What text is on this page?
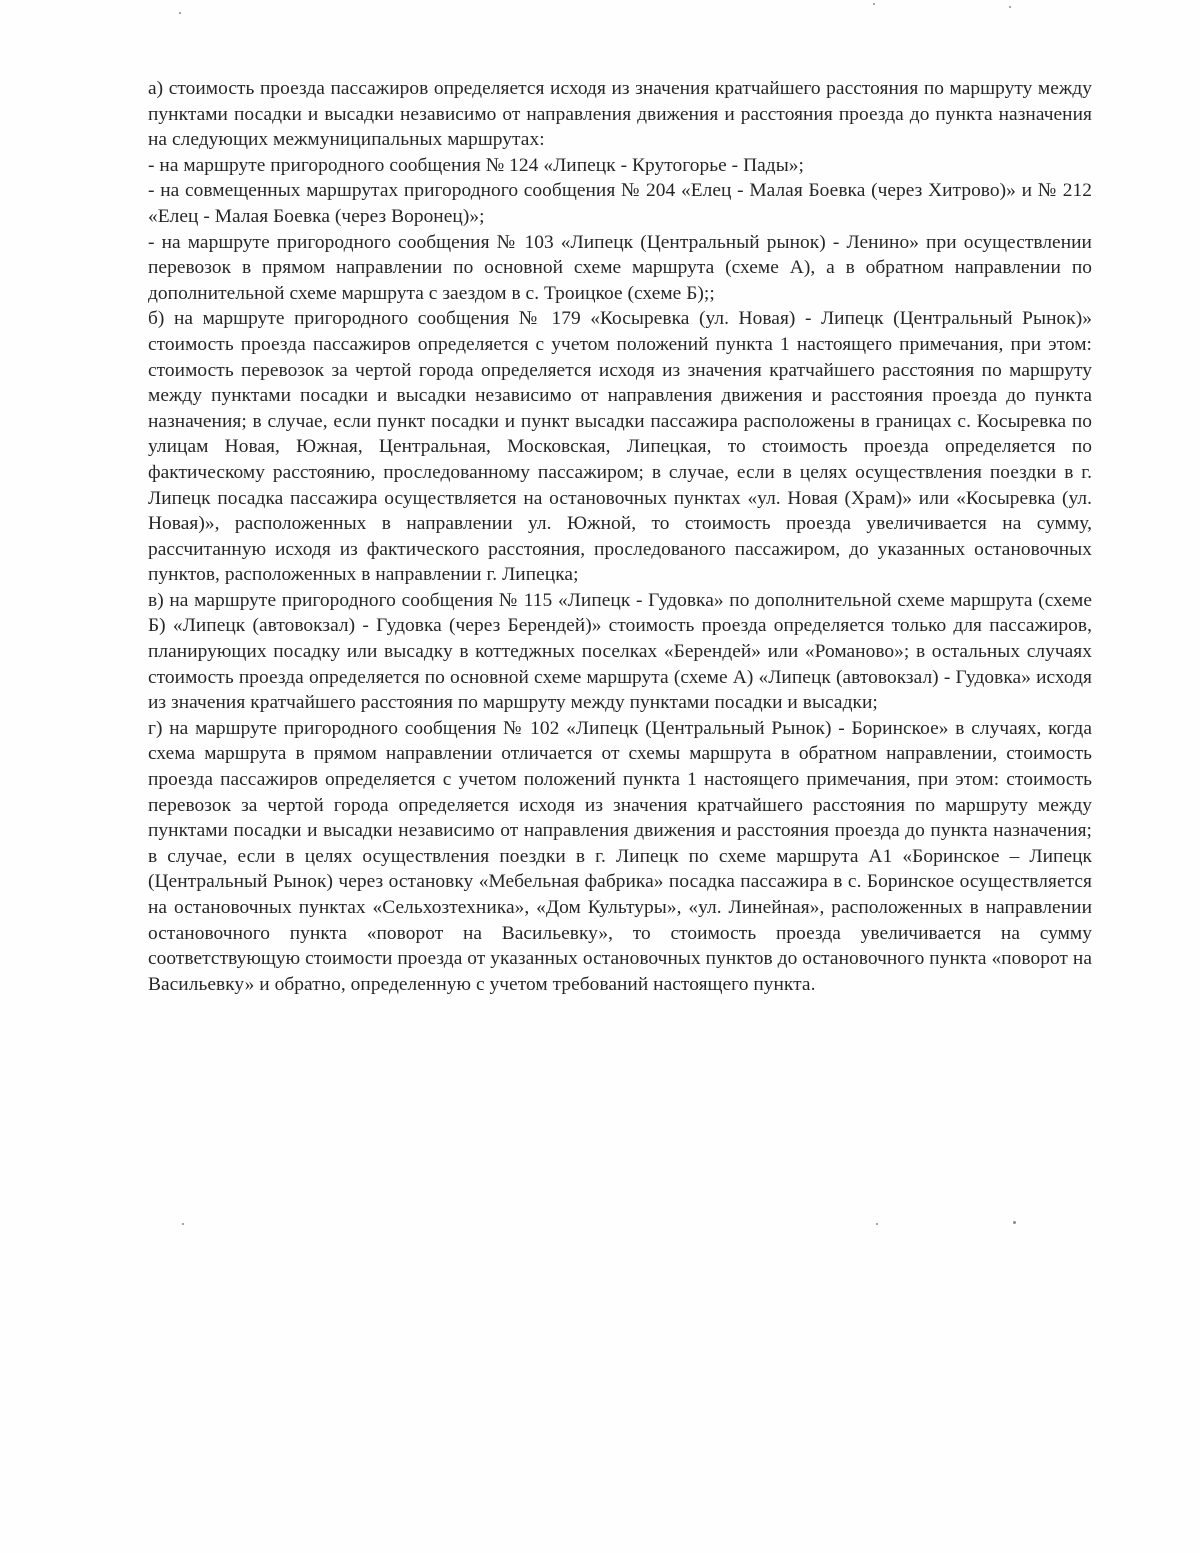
а) стоимость проезда пассажиров определяется исходя из значения кратчайшего расстояния по маршруту между пунктами посадки и высадки независимо от направления движения и расстояния проезда до пункта назначения на следующих межмуниципальных маршрутах:

- на маршруте пригородного сообщения № 124 «Липецк - Крутогорье - Пады»;

- на совмещенных маршрутах пригородного сообщения № 204 «Елец - Малая Боевка (через Хитрово)» и № 212 «Елец - Малая Боевка (через Воронец)»;

- на маршруте пригородного сообщения № 103 «Липецк (Центральный рынок) - Ленино» при осуществлении перевозок в прямом направлении по основной схеме маршрута (схеме А), а в обратном направлении по дополнительной схеме маршрута с заездом в с. Троицкое (схеме Б);;

б) на маршруте пригородного сообщения № 179 «Косыревка (ул. Новая) - Липецк (Центральный Рынок)» стоимость проезда пассажиров определяется с учетом положений пункта 1 настоящего примечания, при этом: стоимость перевозок за чертой города определяется исходя из значения кратчайшего расстояния по маршруту между пунктами посадки и высадки независимо от направления движения и расстояния проезда до пункта назначения; в случае, если пункт посадки и пункт высадки пассажира расположены в границах с. Косыревка по улицам Новая, Южная, Центральная, Московская, Липецкая, то стоимость проезда определяется по фактическому расстоянию, проследованному пассажиром; в случае, если в целях осуществления поездки в г. Липецк посадка пассажира осуществляется на остановочных пунктах «ул. Новая (Храм)» или «Косыревка (ул. Новая)», расположенных в направлении ул. Южной, то стоимость проезда увеличивается на сумму, рассчитанную исходя из фактического расстояния, проследованого пассажиром, до указанных остановочных пунктов, расположенных в направлении г. Липецка;

в) на маршруте пригородного сообщения № 115 «Липецк - Гудовка» по дополнительной схеме маршрута (схеме Б) «Липецк (автовокзал) - Гудовка (через Берендей)» стоимость проезда определяется только для пассажиров, планирующих посадку или высадку в коттеджных поселках «Берендей» или «Романово»; в остальных случаях стоимость проезда определяется по основной схеме маршрута (схеме А) «Липецк (автовокзал) - Гудовка» исходя из значения кратчайшего расстояния по маршруту между пунктами посадки и высадки;

г) на маршруте пригородного сообщения № 102 «Липецк (Центральный Рынок) - Боринское» в случаях, когда схема маршрута в прямом направлении отличается от схемы маршрута в обратном направлении, стоимость проезда пассажиров определяется с учетом положений пункта 1 настоящего примечания, при этом: стоимость перевозок за чертой города определяется исходя из значения кратчайшего расстояния по маршруту между пунктами посадки и высадки независимо от направления движения и расстояния проезда до пункта назначения; в случае, если в целях осуществления поездки в г. Липецк по схеме маршрута А1 «Боринское – Липецк (Центральный Рынок) через остановку «Мебельная фабрика» посадка пассажира в с. Боринское осуществляется на остановочных пунктах «Сельхозтехника», «Дом Культуры», «ул. Линейная», расположенных в направлении остановочного пункта «поворот на Васильевку», то стоимость проезда увеличивается на сумму соответствующую стоимости проезда от указанных остановочных пунктов до остановочного пункта «поворот на Васильевку» и обратно, определенную с учетом требований настоящего пункта.
